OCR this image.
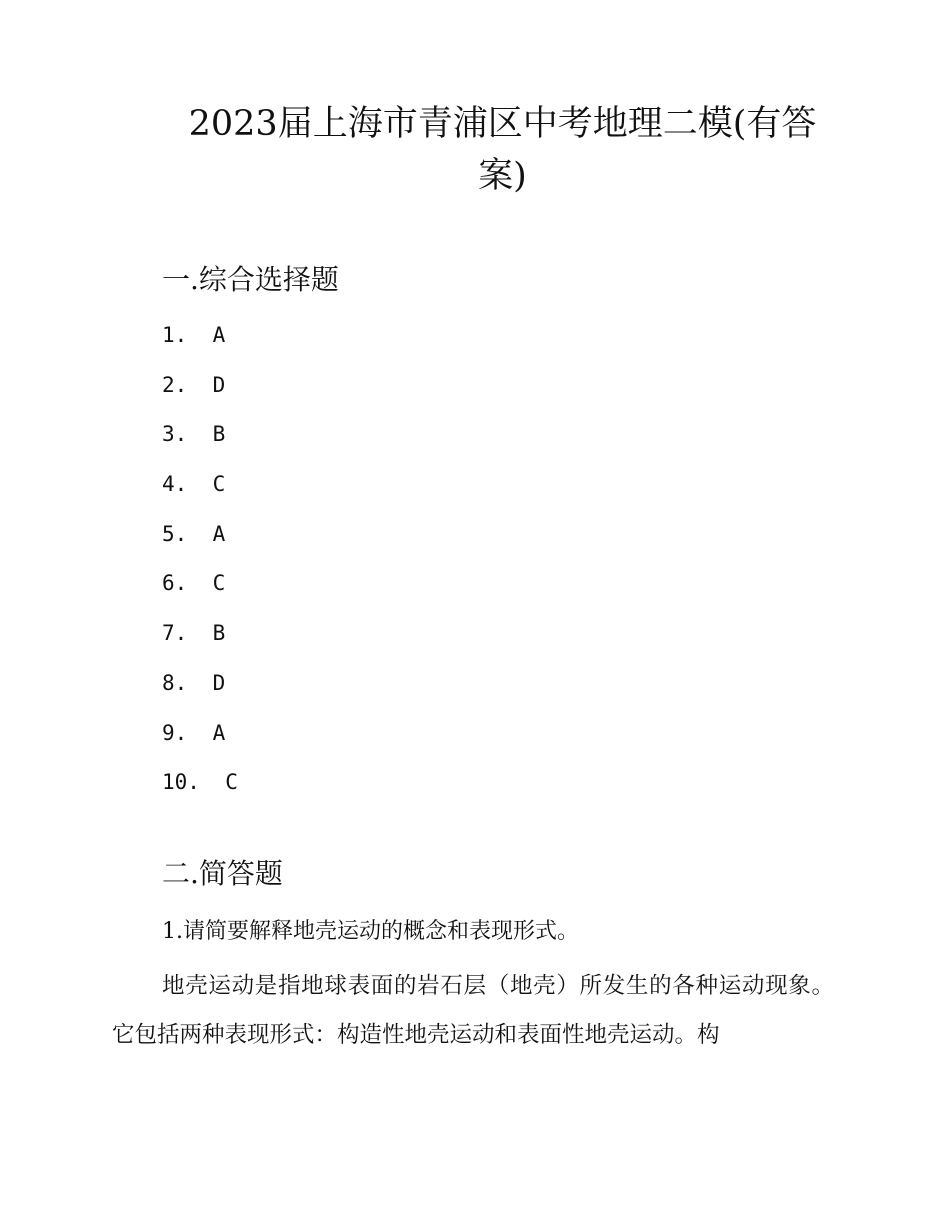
2023届上海市青浦区中考地理二模(有答案)
一.综合选择题
1. A
2. D
3. B
4. C
5. A
6. C
7. B
8. D
9. A
10. C
二.简答题

1.请简要解释地壳运动的概念和表现形式。

地壳运动是指地球表面的岩石层（地壳）所发生的各种运动现象。它包括两种表现形式：构造性地壳运动和表面性地壳运动。构
